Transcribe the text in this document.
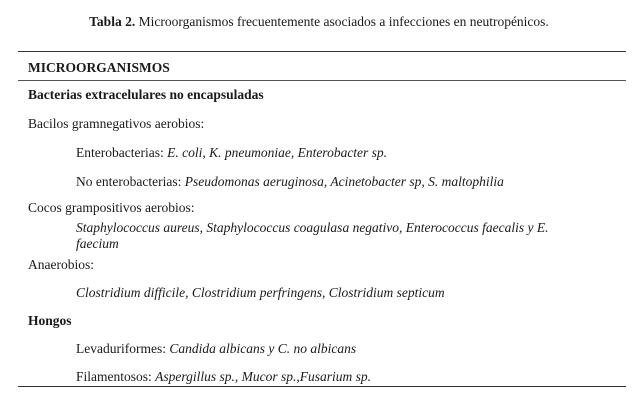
Tabla 2. Microorganismos frecuentemente asociados a infecciones en neutropénicos.
MICROORGANISMOS
Bacterias extracelulares no encapsuladas
Bacilos gramnegativos aerobios:
Enterobacterias: E. coli, K. pneumoniae, Enterobacter sp.
No enterobacterias: Pseudomonas aeruginosa, Acinetobacter sp, S. maltophilia
Cocos grampositivos aerobios:
Staphylococcus aureus, Staphylococcus coagulasa negativo, Enterococcus faecalis y E.
faecium
Anaerobios:
Clostridium difficile, Clostridium perfringens, Clostridium septicum
Hongos
Levaduriformes: Candida albicans y C. no albicans
Filamentosos: Aspergillus sp., Mucor sp.,Fusarium sp.
